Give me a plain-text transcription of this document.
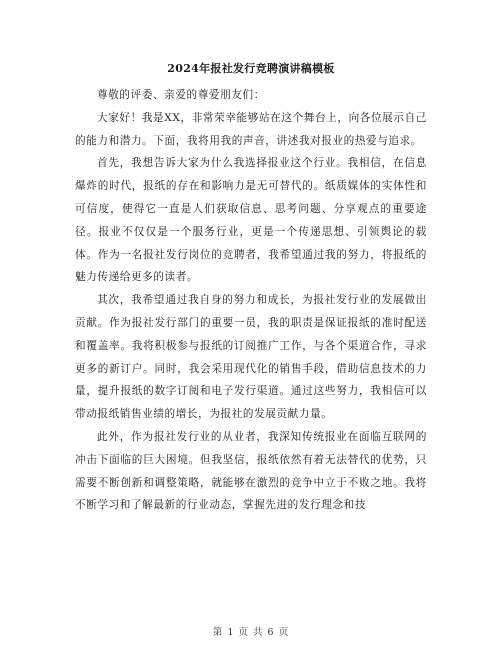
2024年报社发行竞聘演讲稿模板

尊敬的评委、亲爱的尊爱朋友们：

大家好！我是XX，非常荣幸能够站在这个舞台上，向各位展示自己的能力和潜力。下面，我将用我的声音，讲述我对报业的热爱与追求。

首先，我想告诉大家为什么我选择报业这个行业。我相信，在信息爆炸的时代，报纸的存在和影响力是无可替代的。纸质媒体的实体性和可信度，使得它一直是人们获取信息、思考问题、分享观点的重要途径。报业不仅仅是一个服务行业，更是一个传递思想、引领舆论的载体。作为一名报社发行岗位的竞聘者，我希望通过我的努力，将报纸的魅力传递给更多的读者。

其次，我希望通过我自身的努力和成长，为报社发行业的发展做出贡献。作为报社发行部门的重要一员，我的职责是保证报纸的准时配送和覆盖率。我将积极参与报纸的订阅推广工作，与各个渠道合作，寻求更多的新订户。同时，我会采用现代化的销售手段，借助信息技术的力量，提升报纸的数字订阅和电子发行渠道。通过这些努力，我相信可以带动报纸销售业绩的增长，为报社的发展贡献力量。

此外，作为报社发行业的从业者，我深知传统报业在面临互联网的冲击下面临的巨大困境。但我坚信，报纸依然有着无法替代的优势，只需要不断创新和调整策略，就能够在激烈的竞争中立于不败之地。我将不断学习和了解最新的行业动态，掌握先进的发行理念和技

第 1 页 共 6 页
